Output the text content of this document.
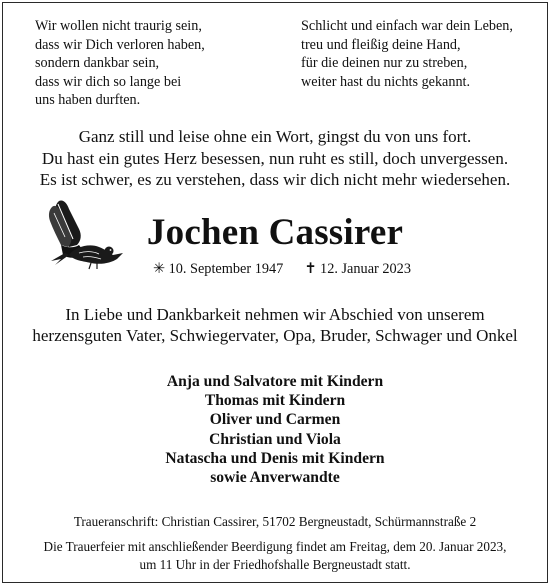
Wir wollen nicht traurig sein,
dass wir Dich verloren haben,
sondern dankbar sein,
dass wir dich so lange bei
uns haben durften.
Schlicht und einfach war dein Leben,
treu und fleißig deine Hand,
für die deinen nur zu streben,
weiter hast du nichts gekannt.
Ganz still und leise ohne ein Wort, gingst du von uns fort.
Du hast ein gutes Herz besessen, nun ruht es still, doch unvergessen.
Es ist schwer, es zu verstehen, dass wir dich nicht mehr wiedersehen.
Jochen Cassirer
✳ 10. September 1947 ✝ 12. Januar 2023
In Liebe und Dankbarkeit nehmen wir Abschied von unserem
herzensguten Vater, Schwiegervater, Opa, Bruder, Schwager und Onkel
Anja und Salvatore mit Kindern
Thomas mit Kindern
Oliver und Carmen
Christian und Viola
Natascha und Denis mit Kindern
sowie Anverwandte
Traueranschrift: Christian Cassirer, 51702 Bergneustadt, Schürmannstraße 2
Die Trauerfeier mit anschließender Beerdigung findet am Freitag, dem 20. Januar 2023,
um 11 Uhr in der Friedhofshalle Bergneustadt statt.
